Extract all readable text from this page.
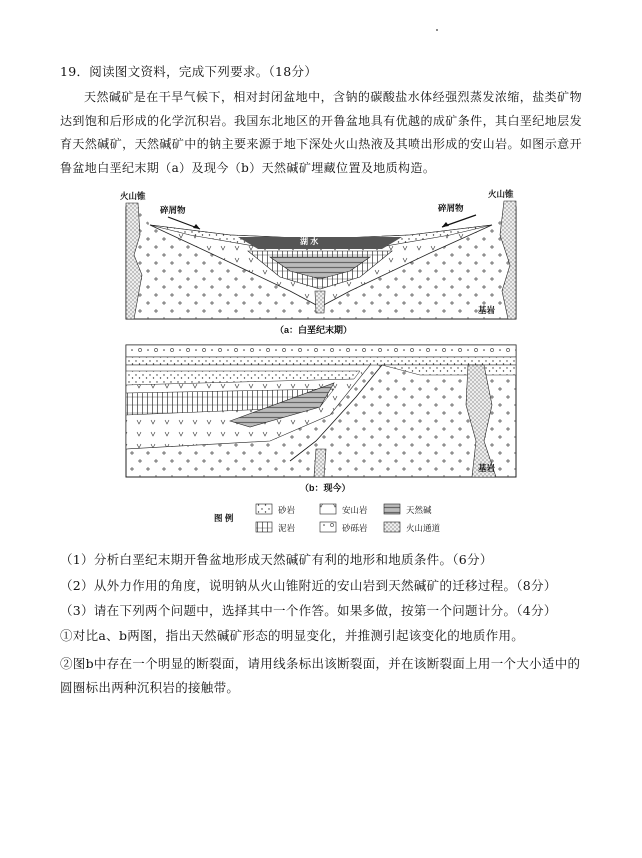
19．阅读图文资料，完成下列要求。（18分）
天然碱矿是在干旱气候下，相对封闭盆地中，含钠的碳酸盐水体经强烈蒸发浓缩，盐类矿物达到饱和后形成的化学沉积岩。我国东北地区的开鲁盆地具有优越的成矿条件，其白垩纪地层发育天然碱矿，天然碱矿中的钠主要来源于地下深处火山热液及其喷出形成的安山岩。如图示意开鲁盆地白垩纪末期（a）及现今（b）天然碱矿埋藏位置及地质构造。
火山锥	火山锥
碎屑物	碎屑物
湖 水
基岩
（a：白垩纪末期）
基岩
（b：现今）
图 例
砂岩	安山岩	天然碱
泥岩	砂砾岩	火山通道
（1）分析白垩纪末期开鲁盆地形成天然碱矿有利的地形和地质条件。（6分）
（2）从外力作用的角度，说明钠从火山锥附近的安山岩到天然碱矿的迁移过程。（8分）
（3）请在下列两个问题中，选择其中一个作答。如果多做，按第一个问题计分。（4分）
①对比a、b两图，指出天然碱矿形态的明显变化，并推测引起该变化的地质作用。
②图b中存在一个明显的断裂面，请用线条标出该断裂面，并在该断裂面上用一个大小适中的圆圈标出两种沉积岩的接触带。
